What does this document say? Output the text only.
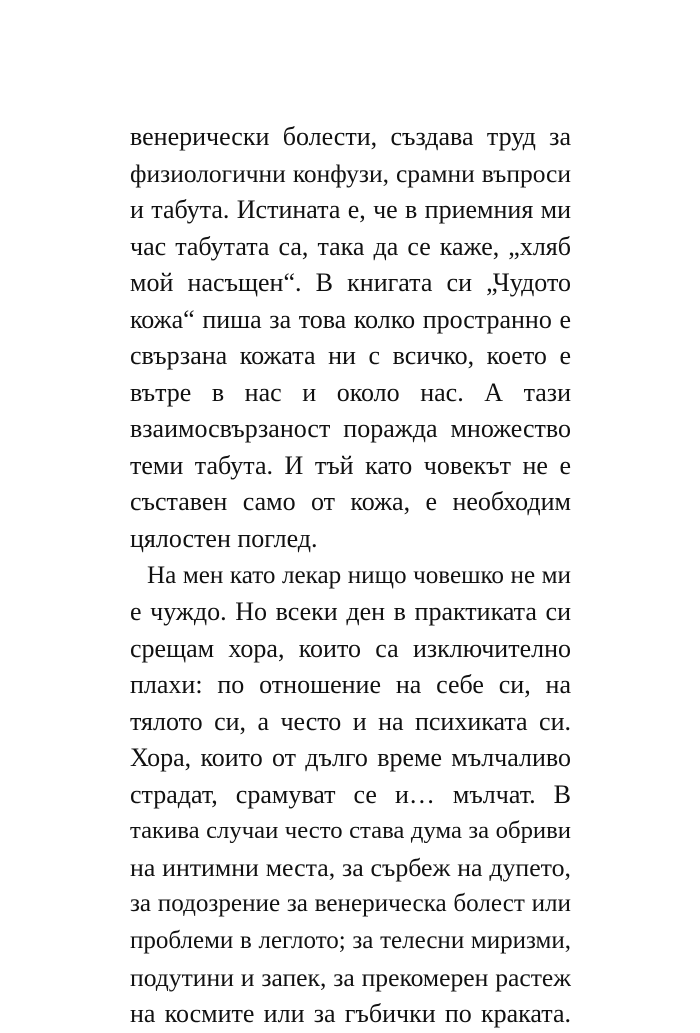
венерически болести, създава труд за
физиологични конфузи, срамни въпроси
и табута. Истината е, че в приемния ми
час табутата са, така да се каже, „хляб
мой насъщен“. В книгата си „Чудото
кожа“ пиша за това колко пространно е
свързана кожата ни с всичко, което е
вътре в нас и около нас. А тази
взаимосвързаност поражда множество
теми табута. И тъй като човекът не е
съставен само от кожа, е необходим
цялостен поглед.
На мен като лекар нищо човешко не ми
е чуждо. Но всеки ден в практиката си
срещам хора, които са изключително
плахи: по отношение на себе си, на
тялото си, а често и на психиката си.
Хора, които от дълго време мълчаливо
страдат, срамуват се и… мълчат. В
такива случаи често става дума за обриви
на интимни места, за сърбеж на дупето,
за подозрение за венерическа болест или
проблеми в леглото; за телесни миризми,
подутини и запек, за прекомерен растеж
на космите или за гъбички по краката.
